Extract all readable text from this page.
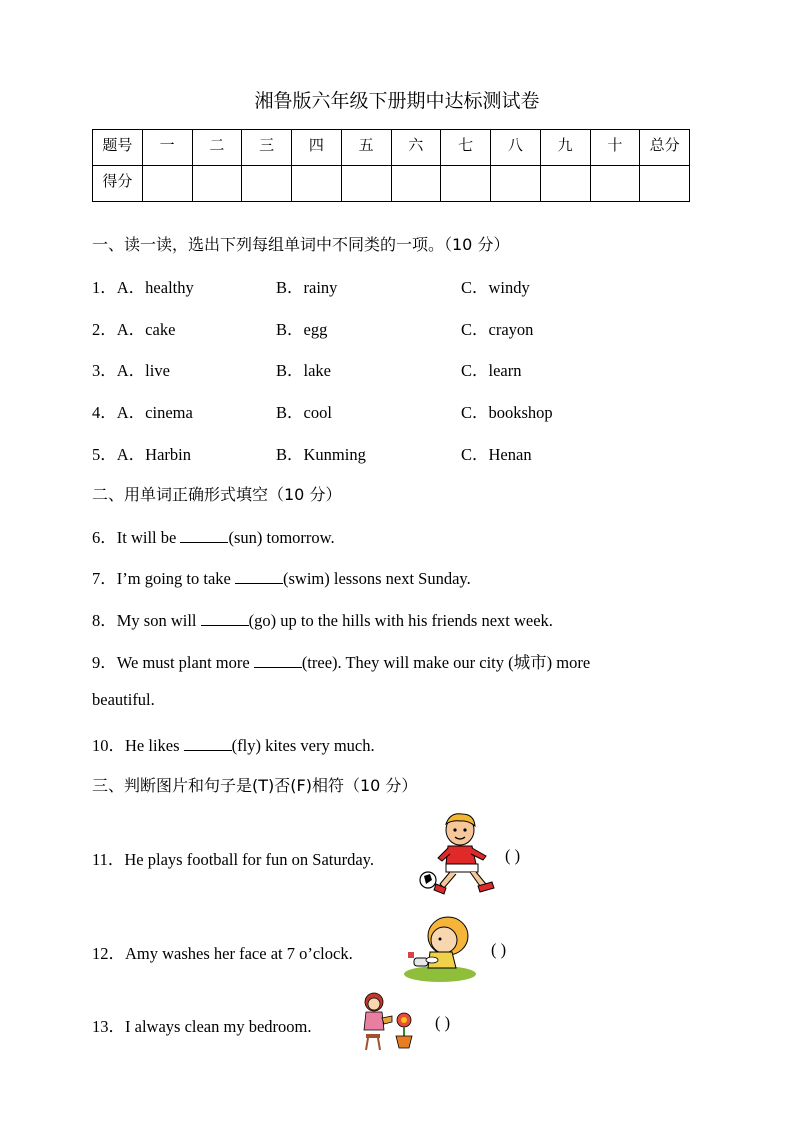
湘鲁版六年级下册期中达标测试卷
题号	一	二	三	四	五	六	七	八	九	十	总分
得分											
一、读一读，选出下列每组单词中不同类的一项。（10 分）
1．A．healthy	B．rainy	C．windy
2．A．cake	B．egg	C．crayon
3．A．live	B．lake	C．learn
4．A．cinema	B．cool	C．bookshop
5．A．Harbin	B．Kunming	C．Henan
二、用单词正确形式填空（10 分）
6．It will be	(sun) tomorrow.
7．I’m going to take	(swim) lessons next Sunday.
8．My son will	(go) up to the hills with his friends next week.
9．We must plant more	(tree). They will make our city (城市) more
beautiful.
10．He likes	(fly) kites very much.
三、判断图片和句子是(T)否(F)相符（10 分）
11．He plays football for fun on Saturday.	( )
12．Amy washes her face at 7 o’clock.	( )
13．I always clean my bedroom.	( )
